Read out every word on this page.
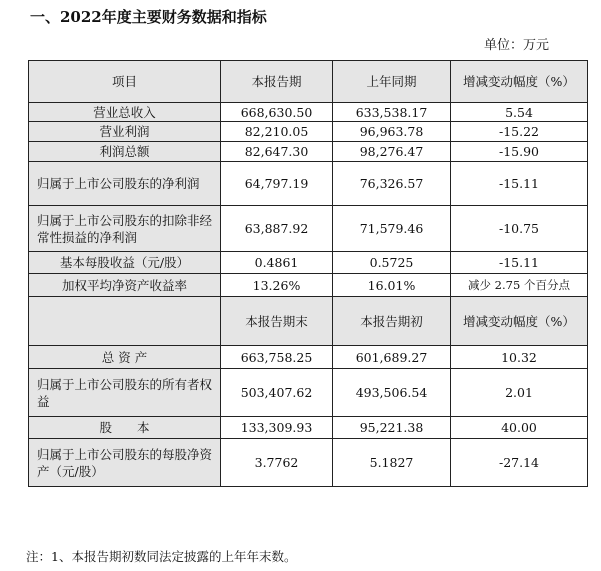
一、2022年度主要财务数据和指标
单位：万元
项目	本报告期	上年同期	增减变动幅度（%）
营业总收入	668,630.50	633,538.17	5.54
营业利润	82,210.05	96,963.78	-15.22
利润总额	82,647.30	98,276.47	-15.90
归属于上市公司股东的净利润	64,797.19	76,326.57	-15.11
归属于上市公司股东的扣除非经常性损益的净利润	63,887.92	71,579.46	-10.75
基本每股收益（元/股）	0.4861	0.5725	-15.11
加权平均净资产收益率	13.26%	16.01%	减少 2.75 个百分点
	本报告期末	本报告期初	增减变动幅度（%）
总 资 产	663,758.25	601,689.27	10.32
归属于上市公司股东的所有者权益	503,407.62	493,506.54	2.01
股　　本	133,309.93	95,221.38	40.00
归属于上市公司股东的每股净资产（元/股）	3.7762	5.1827	-27.14
注：1、本报告期初数同法定披露的上年年末数。
